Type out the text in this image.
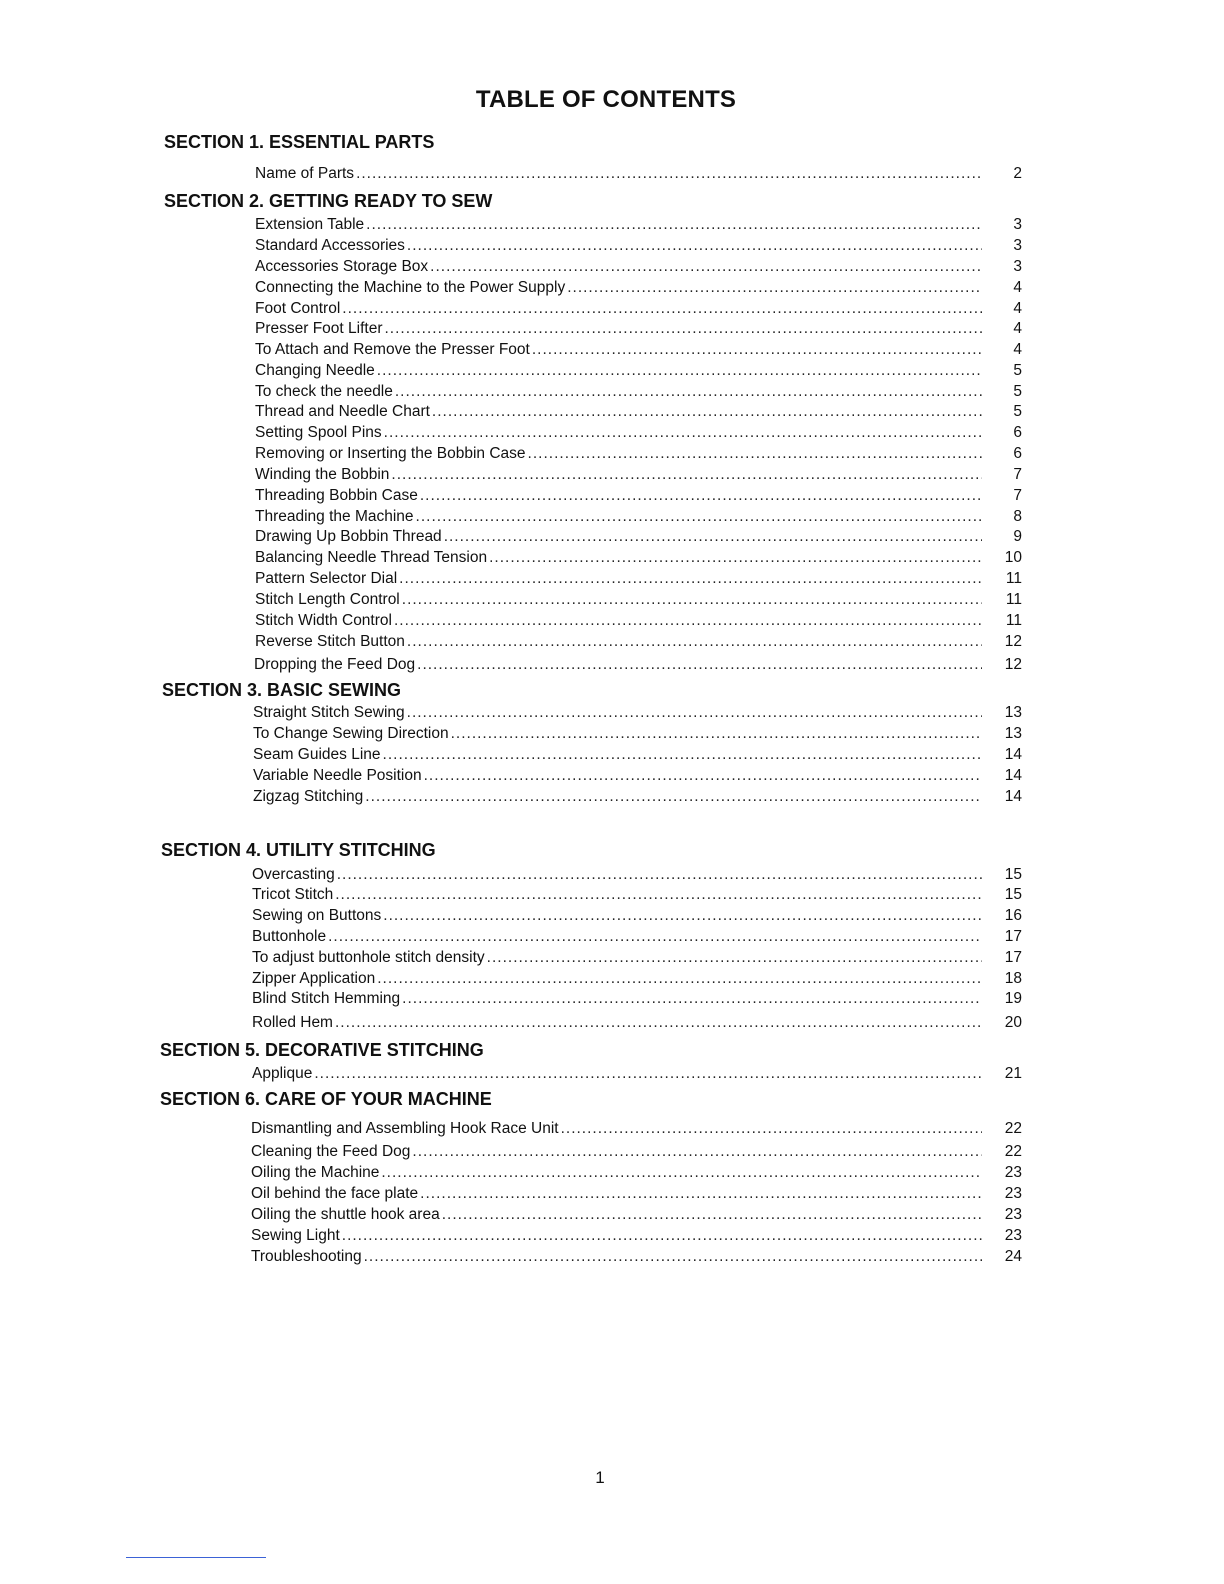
TABLE OF CONTENTS
SECTION 1. ESSENTIAL PARTS
Name of Parts .....	2
SECTION 2. GETTING READY TO SEW
Extension Table .....	3
Standard Accessories .....	3
Accessories Storage Box .....	3
Connecting the Machine to the Power Supply .....	4
Foot Control .....	4
Presser Foot Lifter .....	4
To Attach and Remove the Presser Foot .....	4
Changing Needle .....	5
To check the needle .....	5
Thread and Needle Chart .....	5
Setting Spool Pins .....	6
Removing or Inserting the Bobbin Case .....	6
Winding the Bobbin .....	7
Threading Bobbin Case .....	7
Threading the Machine .....	8
Drawing Up Bobbin Thread .....	9
Balancing Needle Thread Tension .....	10
Pattern Selector Dial .....	11
Stitch Length Control .....	11
Stitch Width Control .....	11
Reverse Stitch Button .....	12
Dropping the Feed Dog .....	12
SECTION 3. BASIC SEWING
Straight Stitch Sewing .....	13
To Change Sewing Direction .....	13
Seam Guides Line .....	14
Variable Needle Position .....	14
Zigzag Stitching .....	14
SECTION 4. UTILITY STITCHING
Overcasting .....	15
Tricot Stitch .....	15
Sewing on Buttons .....	16
Buttonhole .....	17
To adjust buttonhole stitch density .....	17
Zipper Application .....	18
Blind Stitch Hemming .....	19
Rolled Hem .....	20
SECTION 5. DECORATIVE STITCHING
Applique .....	21
SECTION 6. CARE OF YOUR MACHINE
Dismantling and Assembling Hook Race Unit .....	22
Cleaning the Feed Dog .....	22
Oiling the Machine .....	23
Oil behind the face plate .....	23
Oiling the shuttle hook area .....	23
Sewing Light .....	23
Troubleshooting .....	24
1
